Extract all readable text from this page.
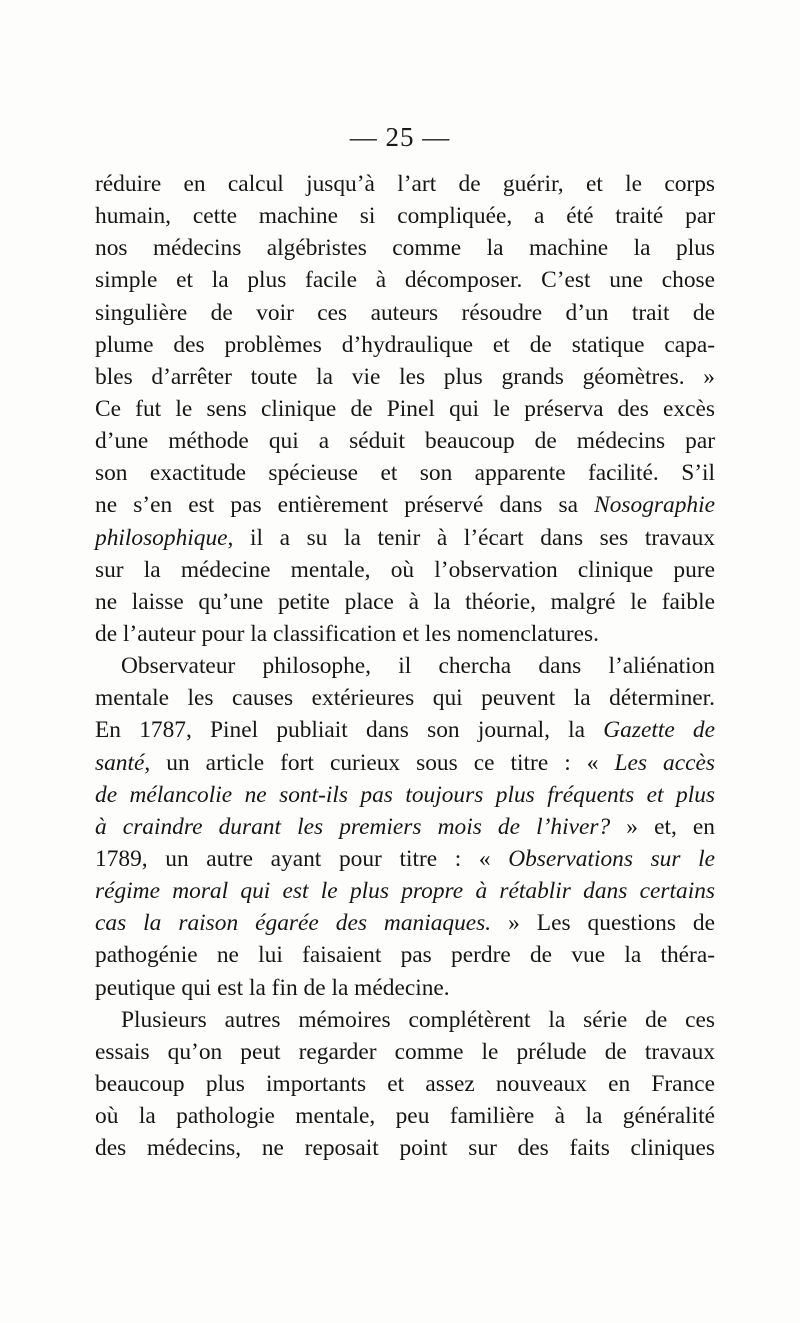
— 25 —
réduire en calcul jusqu’à l’art de guérir, et le corps
humain, cette machine si compliquée, a été traité par
nos médecins algébristes comme la machine la plus
simple et la plus facile à décomposer. C’est une chose
singulière de voir ces auteurs résoudre d’un trait de
plume des problèmes d’hydraulique et de statique capa-
bles d’arrêter toute la vie les plus grands géomètres. »
Ce fut le sens clinique de Pinel qui le préserva des excès
d’une méthode qui a séduit beaucoup de médecins par
son exactitude spécieuse et son apparente facilité. S’il
ne s’en est pas entièrement préservé dans sa Nosographie
philosophique, il a su la tenir à l’écart dans ses travaux
sur la médecine mentale, où l’observation clinique pure
ne laisse qu’une petite place à la théorie, malgré le faible
de l’auteur pour la classification et les nomenclatures.
Observateur philosophe, il chercha dans l’aliénation
mentale les causes extérieures qui peuvent la déterminer.
En 1787, Pinel publiait dans son journal, la Gazette de
santé, un article fort curieux sous ce titre : « Les accès
de mélancolie ne sont-ils pas toujours plus fréquents et plus
à craindre durant les premiers mois de l’hiver? » et, en
1789, un autre ayant pour titre : « Observations sur le
régime moral qui est le plus propre à rétablir dans certains
cas la raison égarée des maniaques. » Les questions de
pathogénie ne lui faisaient pas perdre de vue la théra-
peutique qui est la fin de la médecine.
Plusieurs autres mémoires complétèrent la série de ces
essais qu’on peut regarder comme le prélude de travaux
beaucoup plus importants et assez nouveaux en France
où la pathologie mentale, peu familière à la généralité
des médecins, ne reposait point sur des faits cliniques
